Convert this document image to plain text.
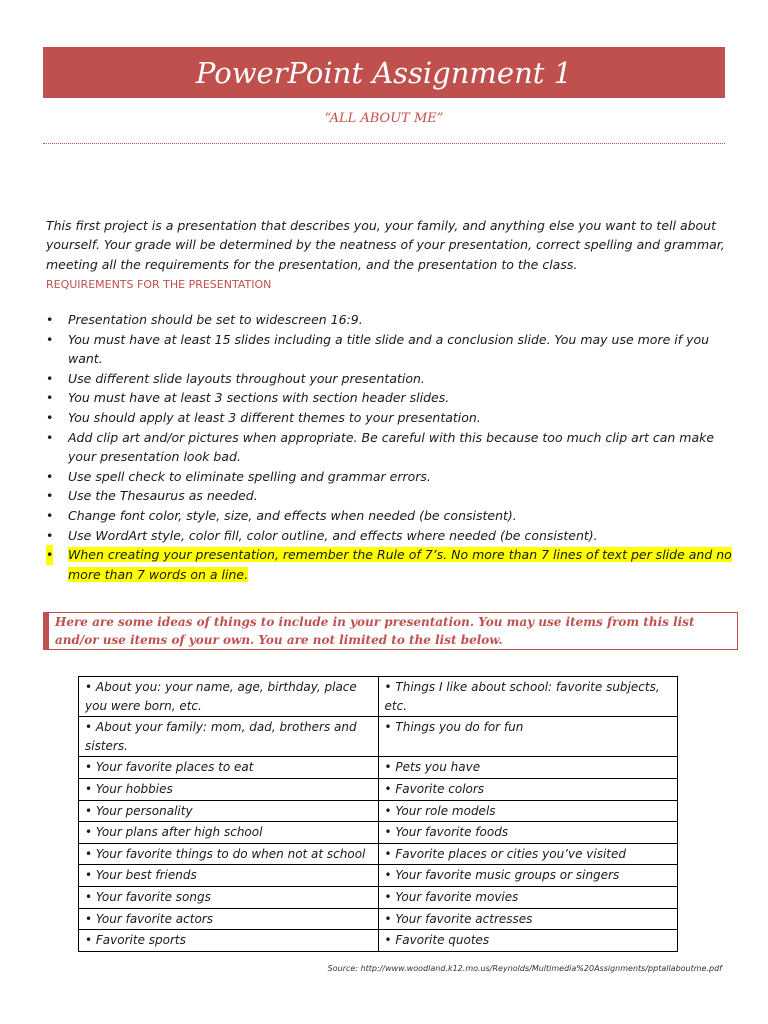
PowerPoint Assignment 1
“ALL ABOUT ME”

This first project is a presentation that describes you, your family, and anything else you want to tell about yourself. Your grade will be determined by the neatness of your presentation, correct spelling and grammar, meeting all the requirements for the presentation, and the presentation to the class.

REQUIREMENTS FOR THE PRESENTATION
• Presentation should be set to widescreen 16:9.
• You must have at least 15 slides including a title slide and a conclusion slide. You may use more if you want.
• Use different slide layouts throughout your presentation.
• You must have at least 3 sections with section header slides.
• You should apply at least 3 different themes to your presentation.
• Add clip art and/or pictures when appropriate. Be careful with this because too much clip art can make your presentation look bad.
• Use spell check to eliminate spelling and grammar errors.
• Use the Thesaurus as needed.
• Change font color, style, size, and effects when needed (be consistent).
• Use WordArt style, color fill, color outline, and effects where needed (be consistent).
• When creating your presentation, remember the Rule of 7’s. No more than 7 lines of text per slide and no more than 7 words on a line.
Here are some ideas of things to include in your presentation. You may use items from this list and/or use items of your own. You are not limited to the list below.
• About you: your name, age, birthday, place you were born, etc.	• Things I like about school: favorite subjects, etc.
• About your family: mom, dad, brothers and sisters.	• Things you do for fun
• Your favorite places to eat	• Pets you have
• Your hobbies	• Favorite colors
• Your personality	• Your role models
• Your plans after high school	• Your favorite foods
• Your favorite things to do when not at school	• Favorite places or cities you’ve visited
• Your best friends	• Your favorite music groups or singers
• Your favorite songs	• Your favorite movies
• Your favorite actors	• Your favorite actresses
• Favorite sports	• Favorite quotes
Source: http://www.woodland.k12.mo.us/Reynolds/Multimedia%20Assignments/pptallaboutme.pdf
